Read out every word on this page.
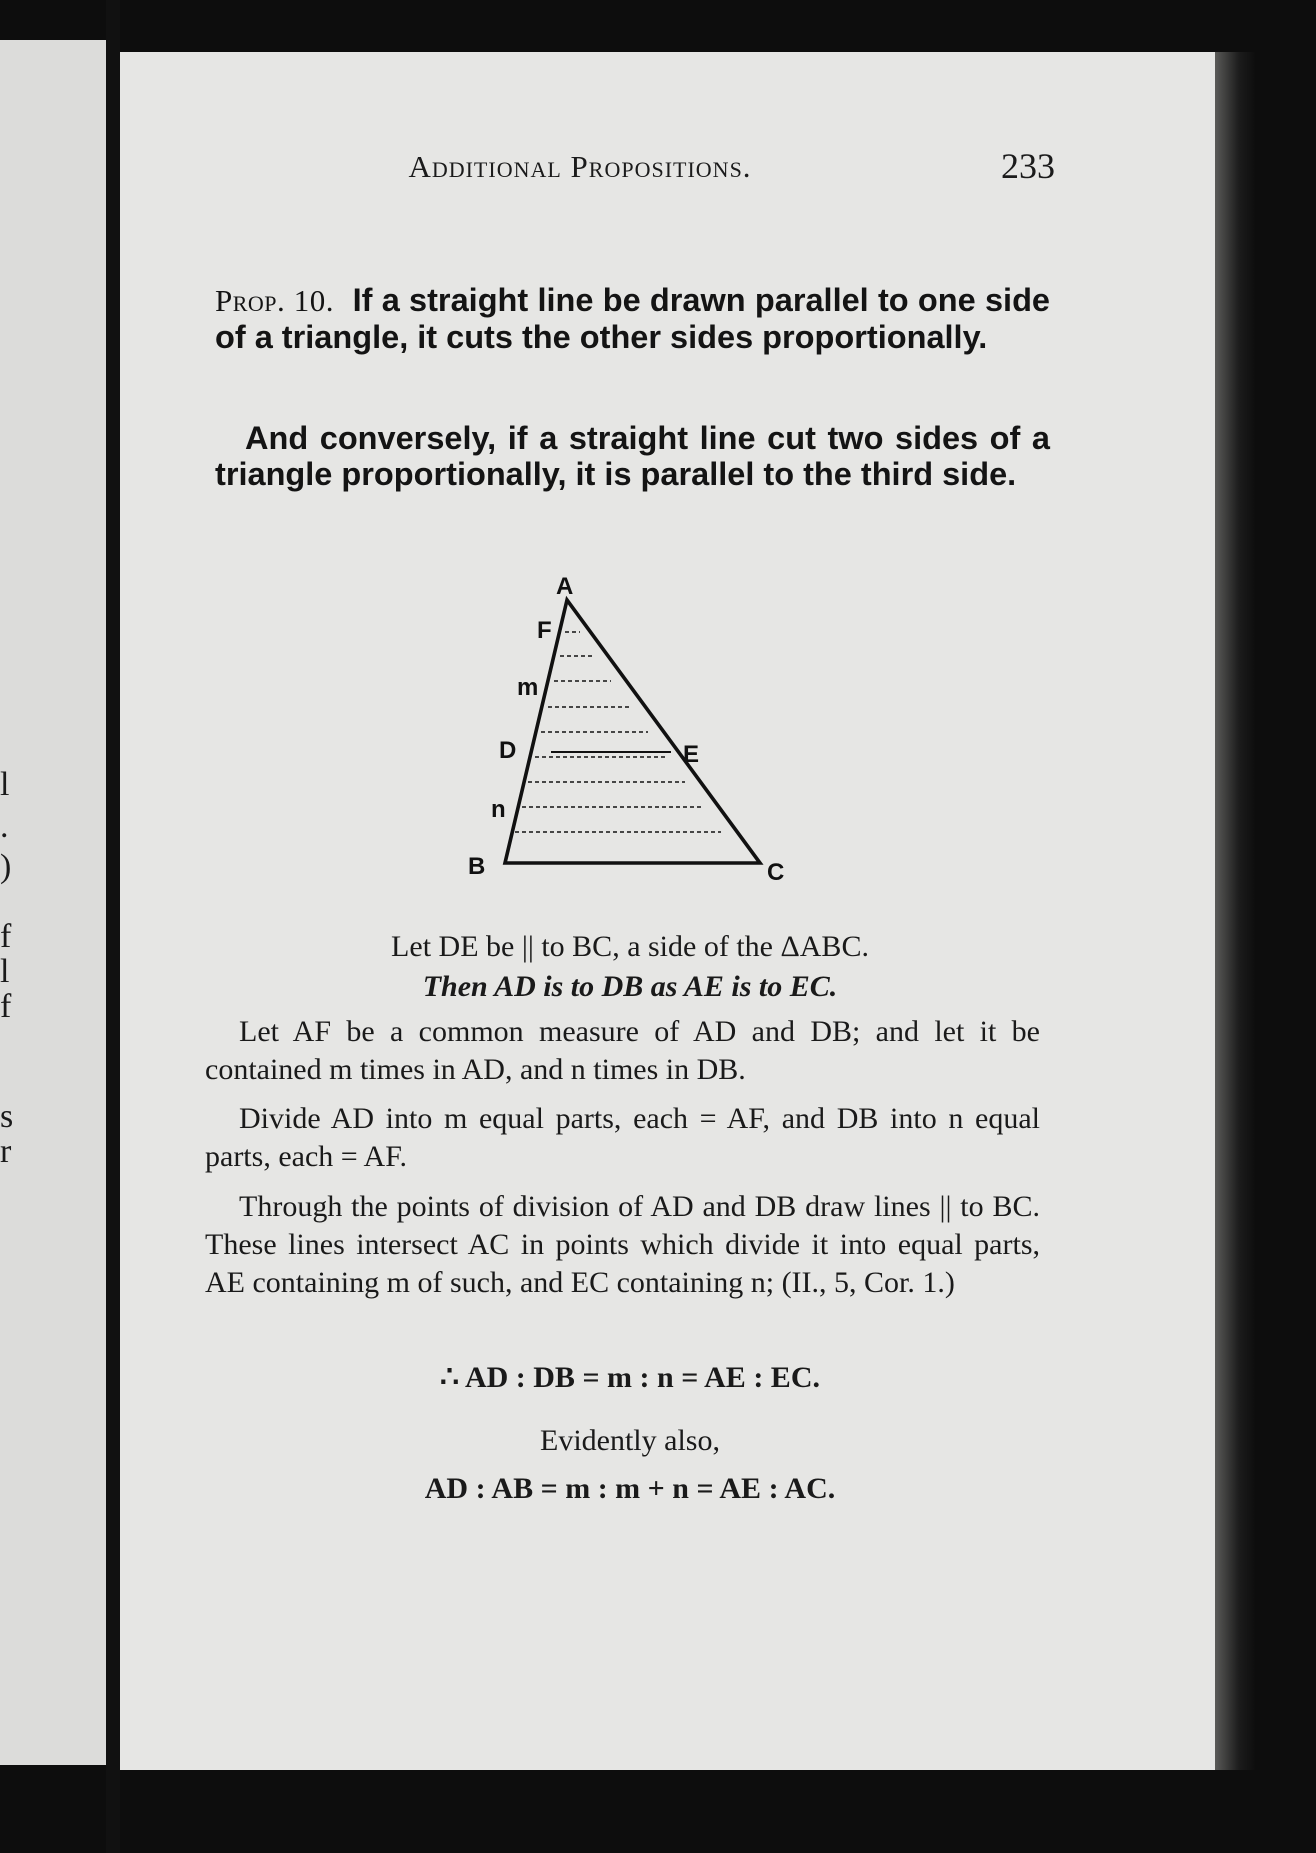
l
.
)
f
l
f
s
r
Additional Propositions.	233

Prop. 10. If a straight line be drawn parallel to one side of a triangle, it cuts the other sides proportionally.

And conversely, if a straight line cut two sides of a triangle proportionally, it is parallel to the third side.

A
F
m
D	E
n
B	C

Let DE be || to BC, a side of the ΔABC.

Then AD is to DB as AE is to EC.

Let AF be a common measure of AD and DB; and let it be contained m times in AD, and n times in DB.

Divide AD into m equal parts, each = AF, and DB into n equal parts, each = AF.

Through the points of division of AD and DB draw lines || to BC. These lines intersect AC in points which divide it into equal parts, AE containing m of such, and EC containing n; (II., 5, Cor. 1.)

∴ AD : DB = m : n = AE : EC.

Evidently also,

AD : AB = m : m + n = AE : AC.
